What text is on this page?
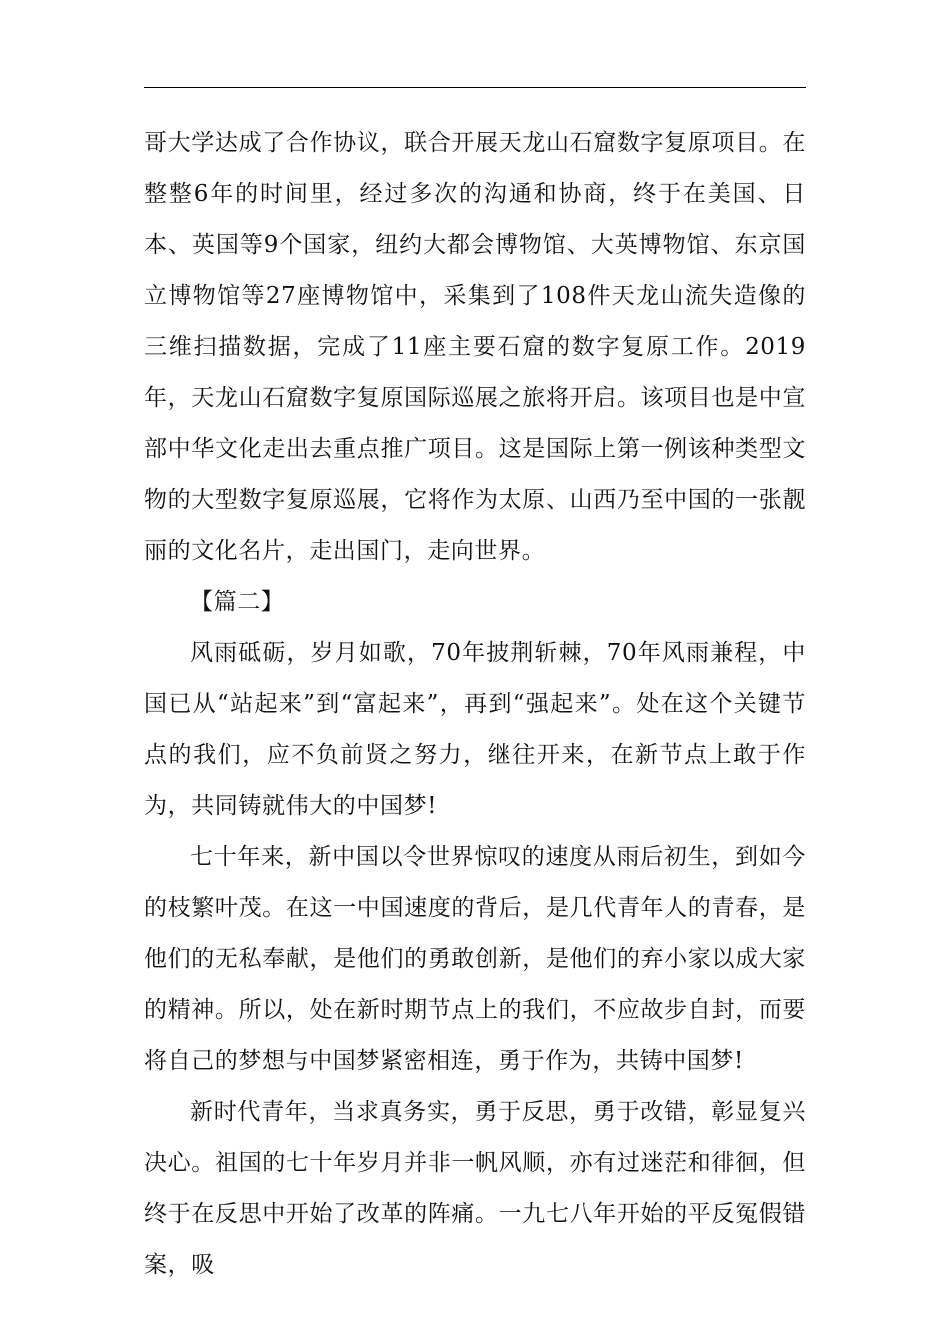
哥大学达成了合作协议，联合开展天龙山石窟数字复原项目。在整整6年的时间里，经过多次的沟通和协商，终于在美国、日本、英国等9个国家，纽约大都会博物馆、大英博物馆、东京国立博物馆等27座博物馆中，采集到了108件天龙山流失造像的三维扫描数据，完成了11座主要石窟的数字复原工作。2019年，天龙山石窟数字复原国际巡展之旅将开启。该项目也是中宣部中华文化走出去重点推广项目。这是国际上第一例该种类型文物的大型数字复原巡展，它将作为太原、山西乃至中国的一张靓丽的文化名片，走出国门，走向世界。

【篇二】

风雨砥砺，岁月如歌，70年披荆斩棘，70年风雨兼程，中国已从“站起来”到“富起来”，再到“强起来”。处在这个关键节点的我们，应不负前贤之努力，继往开来，在新节点上敢于作为，共同铸就伟大的中国梦!

七十年来，新中国以令世界惊叹的速度从雨后初生，到如今的枝繁叶茂。在这一中国速度的背后，是几代青年人的青春，是他们的无私奉献，是他们的勇敢创新，是他们的弃小家以成大家的精神。所以，处在新时期节点上的我们，不应故步自封，而要将自己的梦想与中国梦紧密相连，勇于作为，共铸中国梦!

新时代青年，当求真务实，勇于反思，勇于改错，彰显复兴决心。祖国的七十年岁月并非一帆风顺，亦有过迷茫和徘徊，但终于在反思中开始了改革的阵痛。一九七八年开始的平反冤假错案，吸
